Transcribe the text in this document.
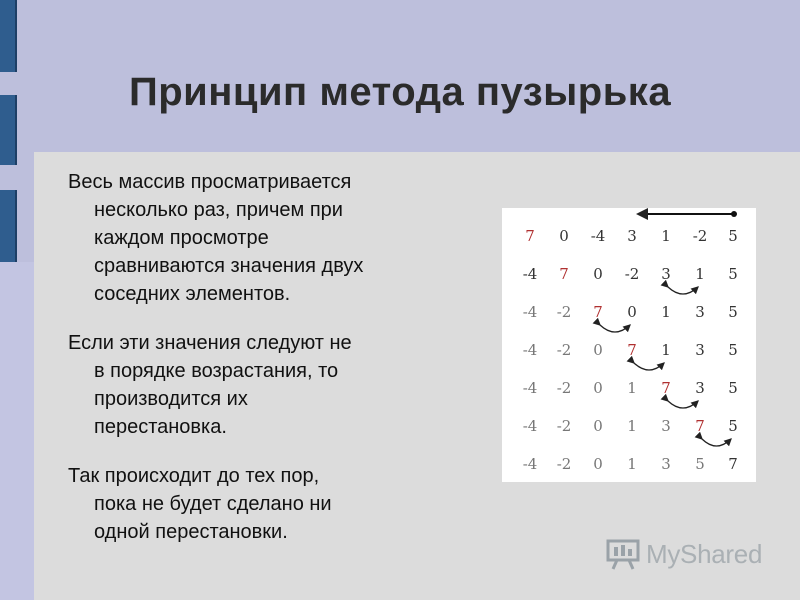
Принцип метода пузырька
Весь массив просматривается
несколько раз, причем при
каждом просмотре
сравниваются значения двух
соседних элементов.
Если эти значения следуют не
в порядке возрастания, то
производится их
перестановка.
Так происходит до тех пор,
пока не будет сделано ни
одной перестановки.
7 0 -4 3 1 -2 5
-4 7 0 -2 3 1 5
-4 -2 7 0 1 3 5
-4 -2 0 7 1 3 5
-4 -2 0 1 7 3 5
-4 -2 0 1 3 7 5
-4 -2 0 1 3 5 7
MyShared
